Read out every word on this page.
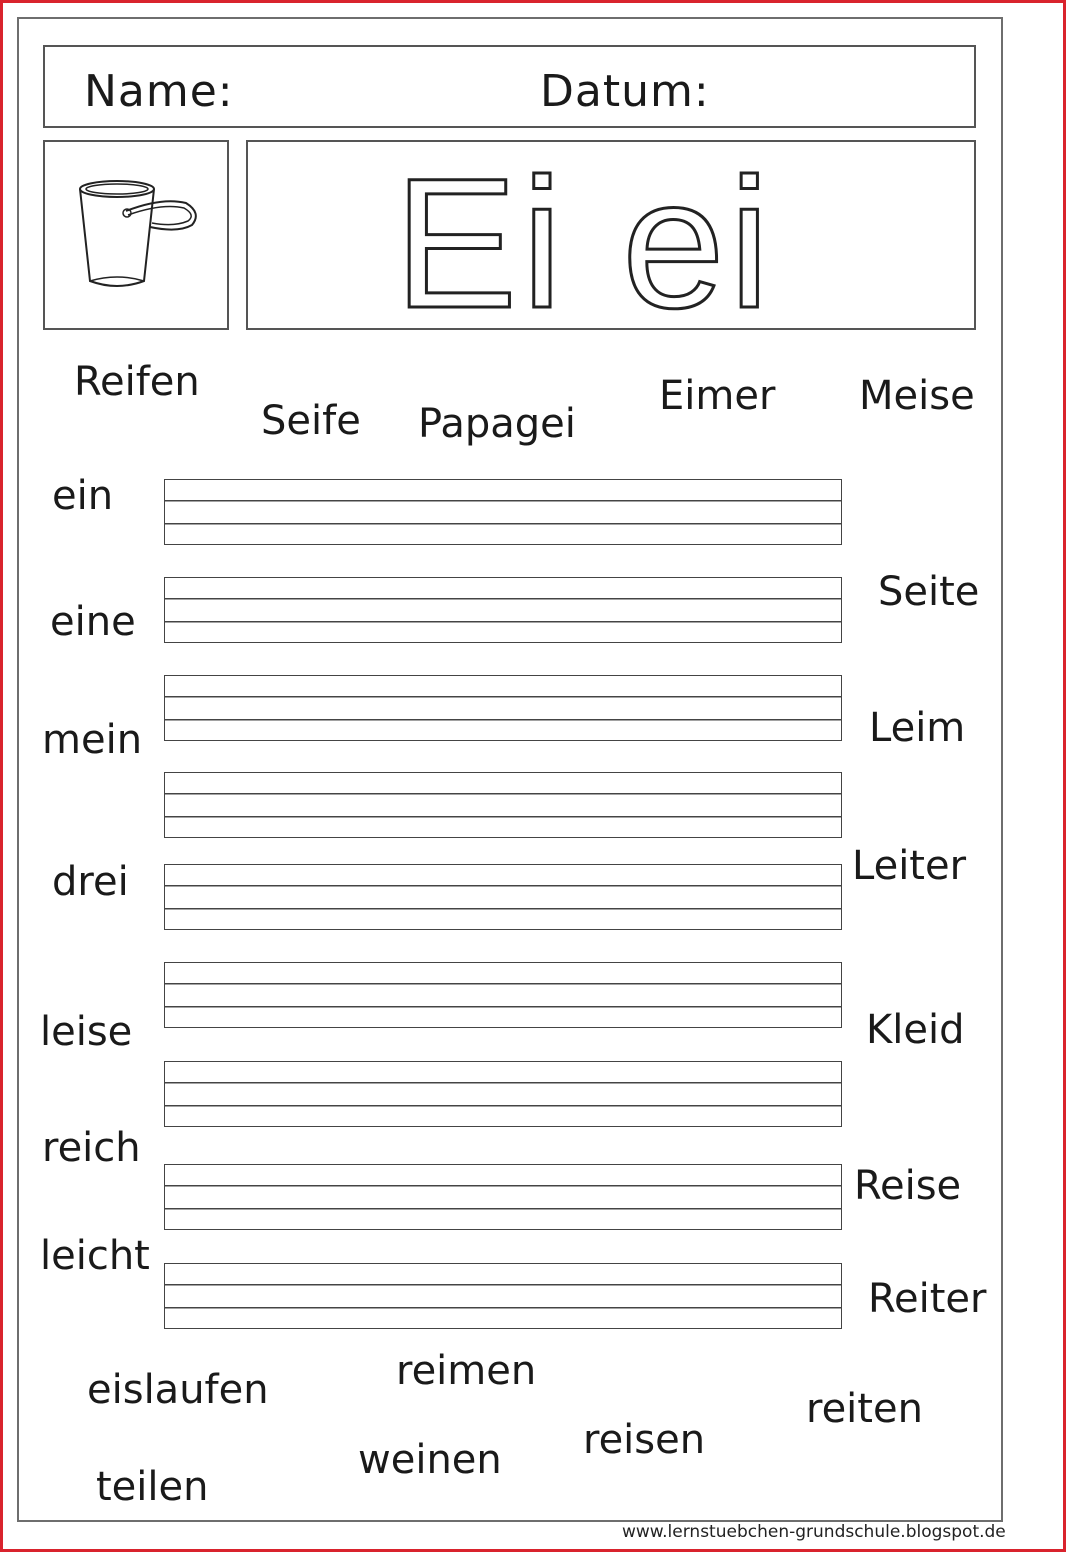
Name:	Datum:
Ei ei
Reifen
Seife Papagei
Eimer Meise
ein
eine
mein
drei
leise
reich
leicht
Seite
Leim
Leiter
Kleid
Reise
Reiter
eislaufen	reimen
reiten
reisen
weinen
teilen
www.lernstuebchen-grundschule.blogspot.de
